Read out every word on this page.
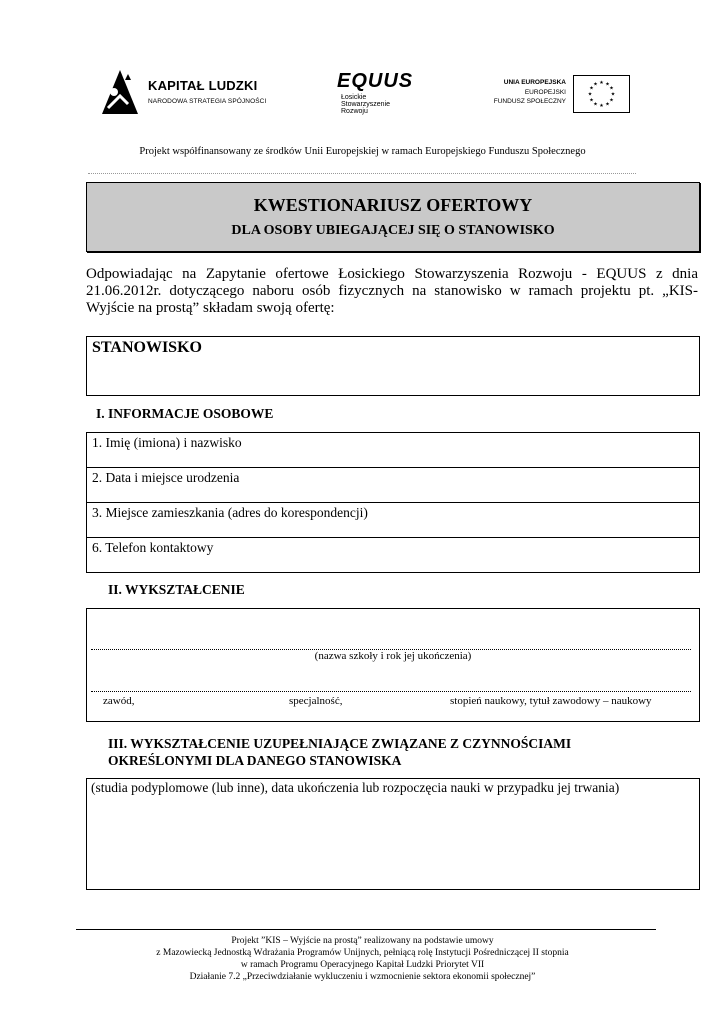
KAPITAŁ LUDZKI
NARODOWA STRATEGIA SPÓJNOŚCI
EQUUS
Łosickie
Stowarzyszenie
Rozwoju
UNIA EUROPEJSKA
EUROPEJSKI
FUNDUSZ SPOŁECZNY
★ ★
★
★
★
★
★
★
★
★
★
★
Projekt współfinansowany ze środków Unii Europejskiej w ramach Europejskiego Funduszu Społecznego
KWESTIONARIUSZ OFERTOWY
DLA OSOBY UBIEGAJĄCEJ SIĘ O STANOWISKO
Odpowiadając na Zapytanie ofertowe Łosickiego Stowarzyszenia Rozwoju - EQUUS z dnia 21.06.2012r. dotyczącego naboru osób fizycznych na stanowisko w ramach projektu pt. „KIS-Wyjście na prostą” składam swoją ofertę:
STANOWISKO
I. INFORMACJE OSOBOWE
1. Imię (imiona) i nazwisko
2. Data i miejsce urodzenia
3. Miejsce zamieszkania (adres do korespondencji)
6. Telefon kontaktowy
II. WYKSZTAŁCENIE
(nazwa szkoły i rok jej ukończenia)
zawód,	specjalność,	stopień naukowy, tytuł zawodowy – naukowy
III. WYKSZTAŁCENIE UZUPEŁNIAJĄCE ZWIĄZANE Z CZYNNOŚCIAMI
OKREŚLONYMI DLA DANEGO STANOWISKA
(studia podyplomowe (lub inne), data ukończenia lub rozpoczęcia nauki w przypadku jej trwania)
Projekt ”KIS – Wyjście na prostą” realizowany na podstawie umowy
z Mazowiecką Jednostką Wdrażania Programów Unijnych, pełniącą rolę Instytucji Pośredniczącej II stopnia
w ramach Programu Operacyjnego Kapitał Ludzki Priorytet VII
Działanie 7.2 „Przeciwdziałanie wykluczeniu i wzmocnienie sektora ekonomii społecznej”
